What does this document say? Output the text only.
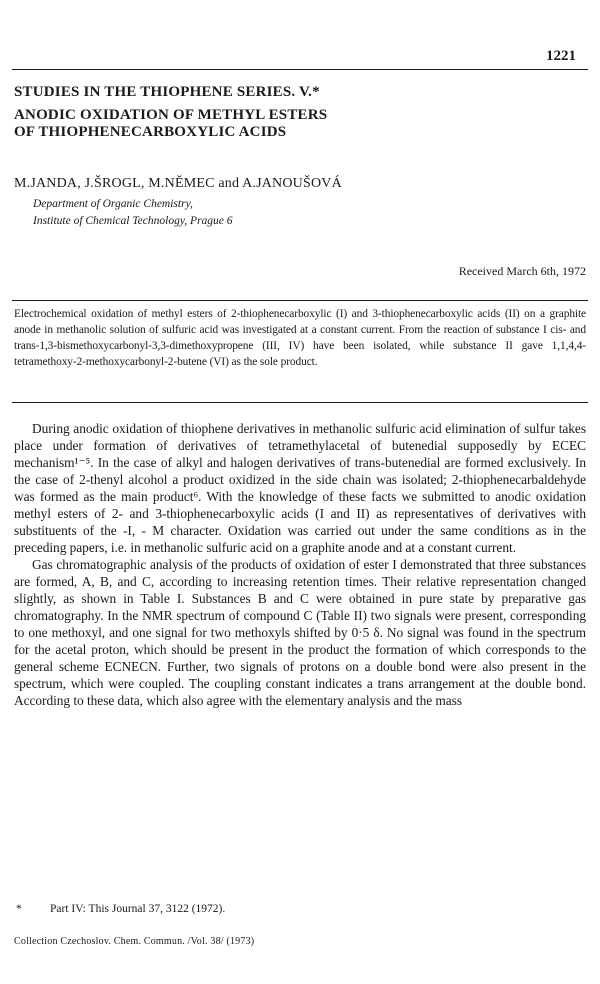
1221
STUDIES IN THE THIOPHENE SERIES. V.*
ANODIC OXIDATION OF METHYL ESTERS
OF THIOPHENECARBOXYLIC ACIDS
M.JANDA, J.ŠROGL, M.NĚMEC and A.JANOUŠOVÁ
Department of Organic Chemistry,
Institute of Chemical Technology, Prague 6
Received March 6th, 1972
Electrochemical oxidation of methyl esters of 2-thiophenecarboxylic (I) and 3-thiophenecarboxylic acids (II) on a graphite anode in methanolic solution of sulfuric acid was investigated at a constant current. From the reaction of substance I cis- and trans-1,3-bismethoxycarbonyl-3,3-dimethoxypropene (III, IV) have been isolated, while substance II gave 1,1,4,4-tetramethoxy-2-methoxycarbonyl-2-butene (VI) as the sole product.

During anodic oxidation of thiophene derivatives in methanolic sulfuric acid elimination of sulfur takes place under formation of derivatives of tetramethylacetal of butenedial supposedly by ECEC mechanism¹⁻⁵. In the case of alkyl and halogen derivatives of trans-butenedial are formed exclusively. In the case of 2-thenyl alcohol a product oxidized in the side chain was isolated; 2-thiophenecarbaldehyde was formed as the main product⁶. With the knowledge of these facts we submitted to anodic oxidation methyl esters of 2- and 3-thiophenecarboxylic acids (I and II) as representatives of derivatives with substituents of the -I, - M character. Oxidation was carried out under the same conditions as in the preceding papers, i.e. in methanolic sulfuric acid on a graphite anode and at a constant current.

Gas chromatographic analysis of the products of oxidation of ester I demonstrated that three substances are formed, A, B, and C, according to increasing retention times. Their relative representation changed slightly, as shown in Table I. Substances B and C were obtained in pure state by preparative gas chromatography. In the NMR spectrum of compound C (Table II) two signals were present, corresponding to one methoxyl, and one signal for two methoxyls shifted by 0·5 δ. No signal was found in the spectrum for the acetal proton, which should be present in the product the formation of which corresponds to the general scheme ECNECN. Further, two signals of protons on a double bond were also present in the spectrum, which were coupled. The coupling constant indicates a trans arrangement at the double bond. According to these data, which also agree with the elementary analysis and the mass

* Part IV: This Journal 37, 3122 (1972).
Collection Czechoslov. Chem. Commun. /Vol. 38/ (1973)
